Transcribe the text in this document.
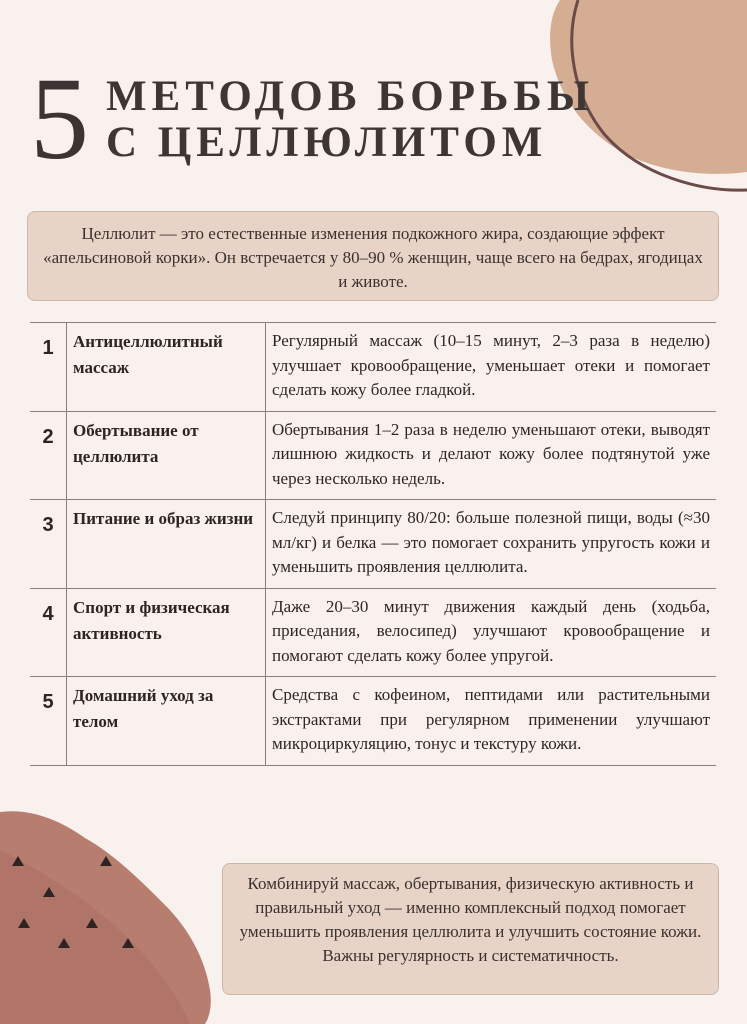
5 МЕТОДОВ БОРЬБЫ
С ЦЕЛЛЮЛИТОМ
Целлюлит — это естественные изменения подкожного жира, создающие эффект «апельсиновой корки». Он встречается у 80–90 % женщин, чаще всего на бедрах, ягодицах и животе.
1	Антицеллюлитный массаж	Регулярный массаж (10–15 минут, 2–3 раза в неделю) улучшает кровообращение, уменьшает отеки и помогает сделать кожу более гладкой.
2	Обертывание от целлюлита	Обертывания 1–2 раза в неделю уменьшают отеки, выводят лишнюю жидкость и делают кожу более подтянутой уже через несколько недель.
3	Питание и образ жизни	Следуй принципу 80/20: больше полезной пищи, воды (≈30 мл/кг) и белка — это помогает сохранить упругость кожи и уменьшить проявления целлюлита.
4	Спорт и физическая активность	Даже 20–30 минут движения каждый день (ходьба, приседания, велосипед) улучшают кровообращение и помогают сделать кожу более упругой.
5	Домашний уход за телом	Средства с кофеином, пептидами или растительными экстрактами при регулярном применении улучшают микроциркуляцию, тонус и текстуру кожи.
Комбинируй массаж, обертывания, физическую активность и правильный уход — именно комплексный подход помогает уменьшить проявления целлюлита и улучшить состояние кожи. Важны регулярность и систематичность.
